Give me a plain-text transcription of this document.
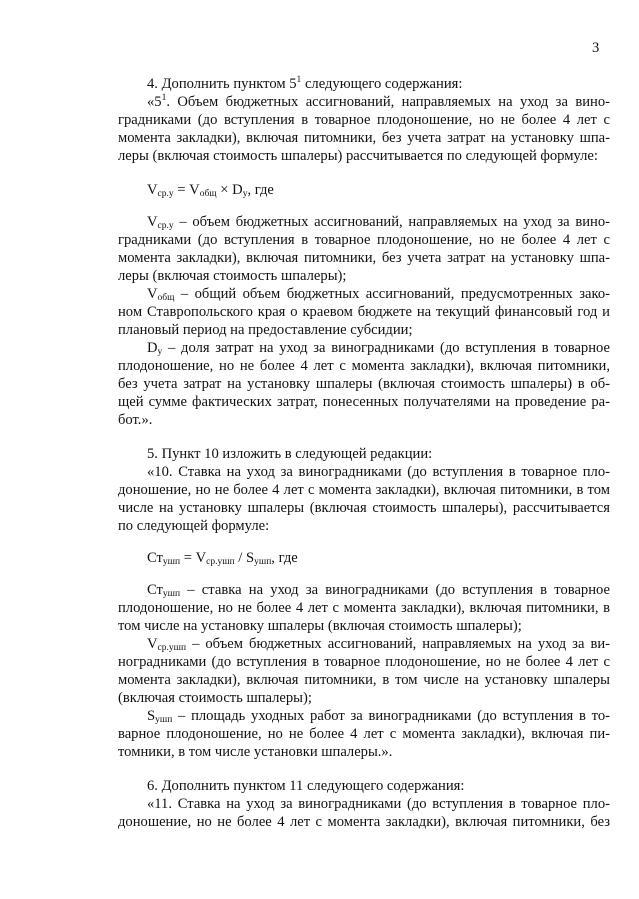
3
4. Дополнить пунктом $5^1$ следующего содержания:
«$5^1$. Объем бюджетных ассигнований, направляемых на уход за вино-
градниками (до вступления в товарное плодоношение, но не более 4 лет с
момента закладки), включая питомники, без учета затрат на установку шпа-
леры (включая стоимость шпалеры) рассчитывается по следующей формуле:
$V_{ср.у} = V_{общ} \times D_у$, где
$V_{ср.у}$ – объем бюджетных ассигнований, направляемых на уход за вино-
градниками (до вступления в товарное плодоношение, но не более 4 лет с
момента закладки), включая питомники, без учета затрат на установку шпа-
леры (включая стоимость шпалеры);
$V_{общ}$ – общий объем бюджетных ассигнований, предусмотренных зако-
ном Ставропольского края о краевом бюджете на текущий финансовый год и
плановый период на предоставление субсидии;
$D_у$ – доля затрат на уход за виноградниками (до вступления в товарное
плодоношение, но не более 4 лет с момента закладки), включая питомники,
без учета затрат на установку шпалеры (включая стоимость шпалеры) в об-
щей сумме фактических затрат, понесенных получателями на проведение ра-
бот.».
5. Пункт 10 изложить в следующей редакции:
«10. Ставка на уход за виноградниками (до вступления в товарное пло-
доношение, но не более 4 лет с момента закладки), включая питомники, в том
числе на установку шпалеры (включая стоимость шпалеры), рассчитывается
по следующей формуле:
$Ст_{ушп} = V_{ср.ушп} / S_{ушп}$, где
$Ст_{ушп}$ – ставка на уход за виноградниками (до вступления в товарное
плодоношение, но не более 4 лет с момента закладки), включая питомники, в
том числе на установку шпалеры (включая стоимость шпалеры);
$V_{ср.ушп}$ – объем бюджетных ассигнований, направляемых на уход за ви-
ноградниками (до вступления в товарное плодоношение, но не более 4 лет с
момента закладки), включая питомники, в том числе на установку шпалеры
(включая стоимость шпалеры);
$S_{ушп}$ – площадь уходных работ за виноградниками (до вступления в то-
варное плодоношение, но не более 4 лет с момента закладки), включая пи-
томники, в том числе установки шпалеры.».
6. Дополнить пунктом 11 следующего содержания:
«11. Ставка на уход за виноградниками (до вступления в товарное пло-
доношение, но не более 4 лет с момента закладки), включая питомники, без
